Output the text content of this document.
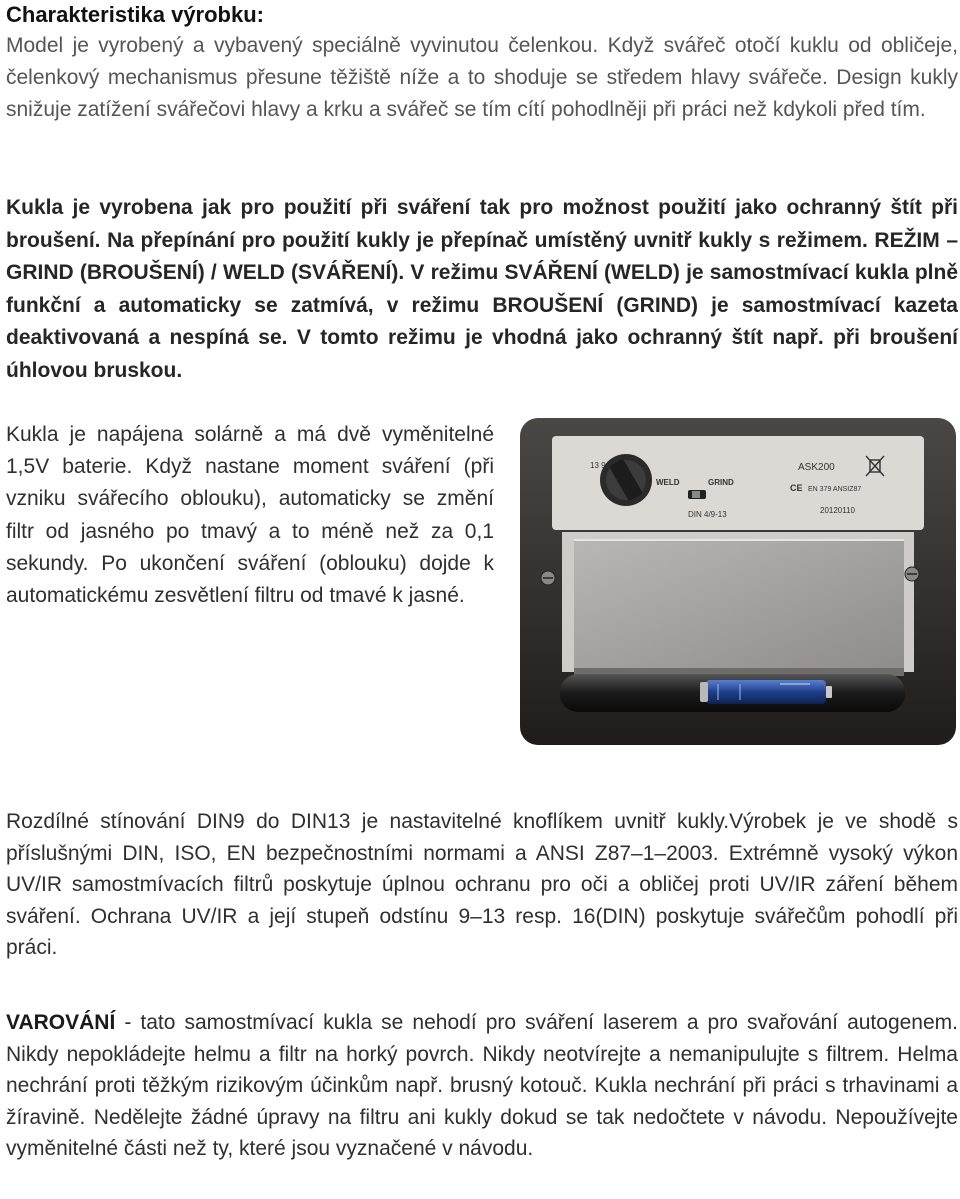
Charakteristika výrobku:

Model je vyrobený a vybavený speciálně vyvinutou čelenkou. Když svářeč otočí kuklu od obličeje, čelenkový mechanismus přesune těžiště níže a to shoduje se středem hlavy svářeče. Design kukly snižuje zatížení svářečovi hlavy a krku a svářeč se tím cítí pohodlněji při práci než kdykoli před tím.

Kukla je vyrobena jak pro použití při sváření tak pro možnost použití jako ochranný štít při broušení. Na přepínání pro použití kukly je přepínač umístěný uvnitř kukly s režimem. REŽIM – GRIND (BROUŠENÍ) / WELD (SVÁŘENÍ). V režimu SVÁŘENÍ (WELD) je samostmívací kukla plně funkční a automaticky se zatmívá, v režimu BROUŠENÍ (GRIND) je samostmívací kazeta deaktivovaná a nespíná se. V tomto režimu je vhodná jako ochranný štít např. při broušení úhlovou bruskou.

Kukla je napájena solárně a má dvě vyměnitelné 1,5V baterie. Když nastane moment sváření (při vzniku svářecího oblouku), automaticky se změní filtr od jasného po tmavý a to méně než za 0,1 sekundy. Po ukončení sváření (oblouku) dojde k automatickému zesvětlení filtru od tmavé k jasné.

13 9
WELD	GRIND
DIN 4/9-13
ASK200
CE EN 379 ANSIZ87
20120110

Rozdílné stínování DIN9 do DIN13 je nastavitelné knoflíkem uvnitř kukly.Výrobek je ve shodě s příslušnými DIN, ISO, EN bezpečnostními normami a ANSI Z87–1–2003. Extrémně vysoký výkon UV/IR samostmívacích filtrů poskytuje úplnou ochranu pro oči a obličej proti UV/IR záření během sváření. Ochrana UV/IR a její stupeň odstínu 9–13 resp. 16(DIN) poskytuje svářečům pohodlí při práci.

VAROVÁNÍ - tato samostmívací kukla se nehodí pro sváření laserem a pro svařování autogenem. Nikdy nepokládejte helmu a filtr na horký povrch. Nikdy neotvírejte a nemanipulujte s filtrem. Helma nechrání proti těžkým rizikovým účinkům např. brusný kotouč. Kukla nechrání při práci s trhavinami a žíravině. Nedělejte žádné úpravy na filtru ani kukly dokud se tak nedočtete v návodu. Nepoužívejte vyměnitelné části než ty, které jsou vyznačené v návodu.
